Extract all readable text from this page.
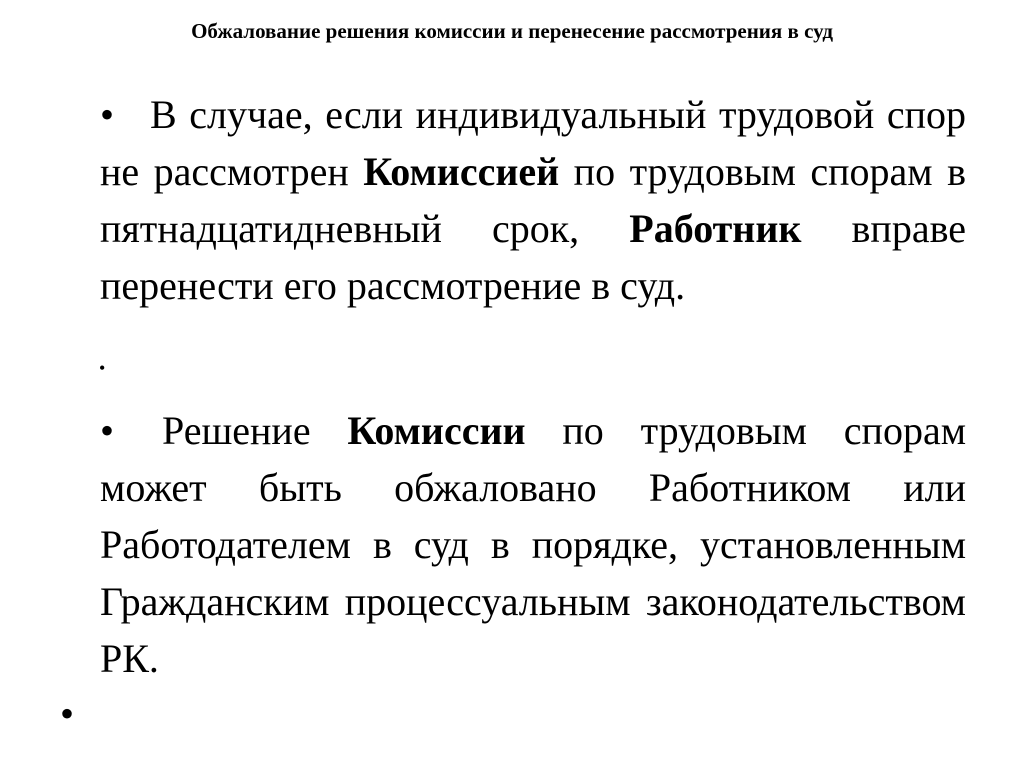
Обжалование решения комиссии и перенесение рассмотрения в суд

• В случае, если индивидуальный трудовой спор не рассмотрен Комиссией по трудовым спорам в пятнадцатидневный срок, Работник вправе перенести его рассмотрение в суд.

•

• Решение Комиссии по трудовым спорам может быть обжаловано Работником или Работодателем в суд в порядке, установленным Гражданским процессуальным законодательством РК.

•
